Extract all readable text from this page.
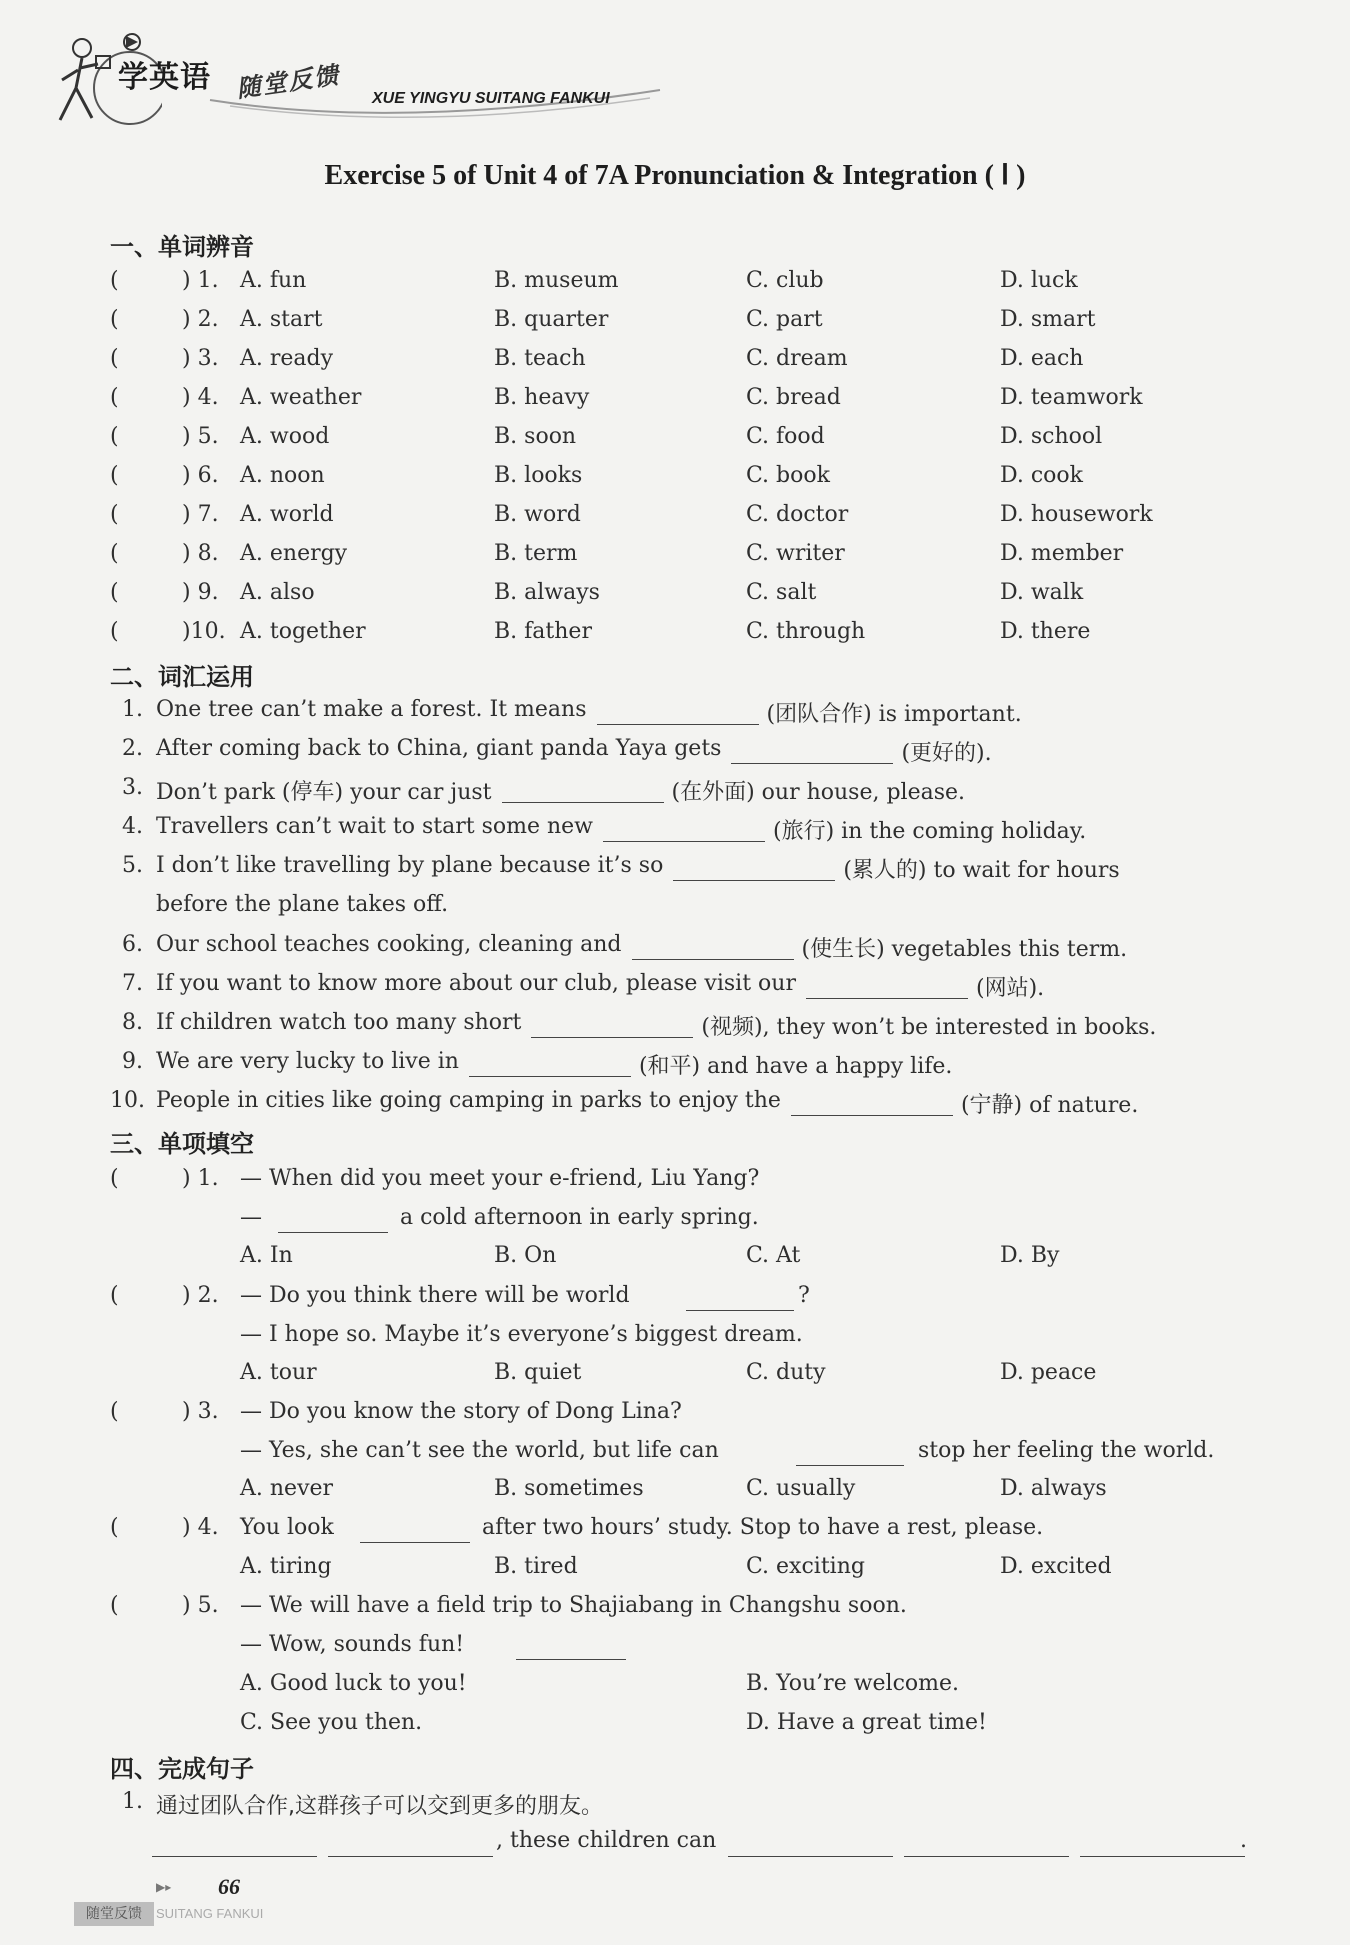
学英语 随堂反馈 XUE YINGYU SUITANG FANKUI
Exercise 5 of Unit 4 of 7A Pronunciation & Integration ( Ⅰ )
一、单词辨音
( ) 1. A. fun	B. museum	C. club	D. luck
( ) 2. A. start	B. quarter	C. part	D. smart
( ) 3. A. ready	B. teach	C. dream	D. each
( ) 4. A. weather	B. heavy	C. bread	D. teamwork
( ) 5. A. wood	B. soon	C. food	D. school
( ) 6. A. noon	B. looks	C. book	D. cook
( ) 7. A. world	B. word	C. doctor	D. housework
( ) 8. A. energy	B. term	C. writer	D. member
( ) 9. A. also	B. always	C. salt	D. walk
( )10. A. together	B. father	C. through	D. there
二、词汇运用
1. One tree can’t make a forest. It means	(团队合作) is important.
2. After coming back to China, giant panda Yaya gets	(更好的).
3. Don’t park (停车) your car just	(在外面) our house, please.
4. Travellers can’t wait to start some new	(旅行) in the coming holiday.
5. I don’t like travelling by plane because it’s so	(累人的) to wait for hours
before the plane takes off.
6. Our school teaches cooking, cleaning and	(使生长) vegetables this term.
7. If you want to know more about our club, please visit our	(网站).
8. If children watch too many short	(视频), they won’t be interested in books.
9. We are very lucky to live in	(和平) and have a happy life.
10. People in cities like going camping in parks to enjoy the	(宁静) of nature.
三、单项填空
( ) 1. — When did you meet your e-friend, Liu Yang?
—	a cold afternoon in early spring.
A. In	B. On	C. At	D. By
( ) 2. — Do you think there will be world	?
— I hope so. Maybe it’s everyone’s biggest dream.
A. tour	B. quiet	C. duty	D. peace
( ) 3. — Do you know the story of Dong Lina?
— Yes, she can’t see the world, but life can	stop her feeling the world.
A. never	B. sometimes	C. usually	D. always
( ) 4. You look	after two hours’ study. Stop to have a rest, please.
A. tiring	B. tired	C. exciting	D. excited
( ) 5. — We will have a field trip to Shajiabang in Changshu soon.
— Wow, sounds fun!
A. Good luck to you!	B. You’re welcome.
C. See you then.	D. Have a great time!
四、完成句子
1. 通过团队合作,这群孩子可以交到更多的朋友。
, these children can	.
▶▸ 66
随堂反馈	SUITANG FANKUI
